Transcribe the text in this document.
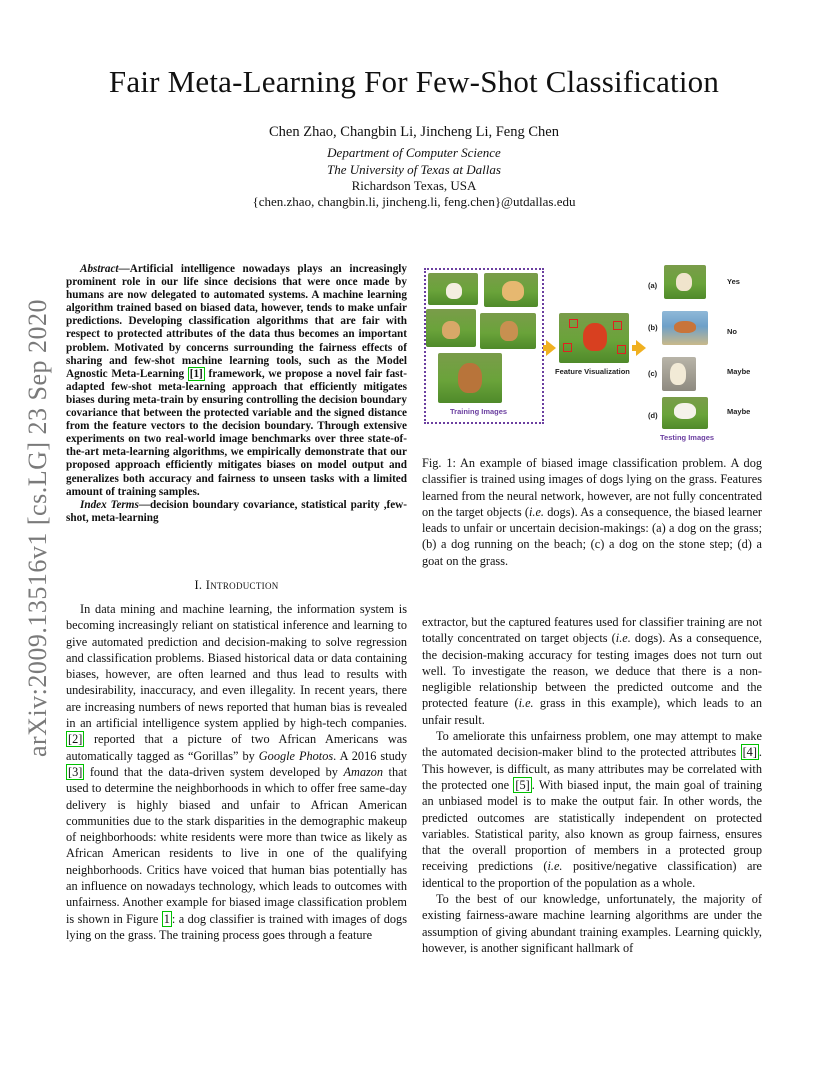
Fair Meta-Learning For Few-Shot Classification
Chen Zhao, Changbin Li, Jincheng Li, Feng Chen
Department of Computer Science
The University of Texas at Dallas
Richardson Texas, USA
{chen.zhao, changbin.li, jincheng.li, feng.chen}@utdallas.edu
arXiv:2009.13516v1 [cs.LG] 23 Sep 2020

Abstract—Artificial intelligence nowadays plays an increasingly prominent role in our life since decisions that were once made by humans are now delegated to automated systems. A machine learning algorithm trained based on biased data, however, tends to make unfair predictions. Developing classification algorithms that are fair with respect to protected attributes of the data thus becomes an important problem. Motivated by concerns surrounding the fairness effects of sharing and few-shot machine learning tools, such as the Model Agnostic Meta-Learning [1] framework, we propose a novel fair fast-adapted few-shot meta-learning approach that efficiently mitigates biases during meta-train by ensuring controlling the decision boundary covariance that between the protected variable and the signed distance from the feature vectors to the decision boundary. Through extensive experiments on two real-world image benchmarks over three state-of-the-art meta-learning algorithms, we empirically demonstrate that our proposed approach efficiently mitigates biases on model output and generalizes both accuracy and fairness to unseen tasks with a limited amount of training samples.

Index Terms—decision boundary covariance, statistical parity ,few-shot, meta-learning

I. Introduction

In data mining and machine learning, the information system is becoming increasingly reliant on statistical inference and learning to give automated prediction and decision-making to solve regression and classification problems. Biased historical data or data containing biases, however, are often learned and thus lead to results with undesirability, inaccuracy, and even illegality. In recent years, there are increasing numbers of news reported that human bias is revealed in an artificial intelligence system applied by high-tech companies. [2] reported that a picture of two African Americans was automatically tagged as “Gorillas” by Google Photos. A 2016 study [3] found that the data-driven system developed by Amazon that used to determine the neighborhoods in which to offer free same-day delivery is highly biased and unfair to African American communities due to the stark disparities in the demographic makeup of neighborhoods: white residents were more than twice as likely as African American residents to live in one of the qualifying neighborhoods. Critics have voiced that human bias potentially has an influence on nowadays technology, which leads to outcomes with unfairness. Another example for biased image classification problem is shown in Figure 1 : a dog classifier is trained with images of dogs lying on the grass. The training process goes through a feature

Training Images
Feature Visualization
(a)	Yes
(b)	No
(c)	Maybe
(d)	Maybe
Testing Images
Fig. 1: An example of biased image classification problem. A dog classifier is trained using images of dogs lying on the grass. Features learned from the neural network, however, are not fully concentrated on the target objects (i.e. dogs). As a consequence, the biased learner leads to unfair or uncertain decision-makings: (a) a dog on the grass; (b) a dog running on the beach; (c) a dog on the stone step; (d) a goat on the grass.

extractor, but the captured features used for classifier training are not totally concentrated on target objects (i.e. dogs). As a consequence, the decision-making accuracy for testing images does not turn out well. To investigate the reason, we deduce that there is a non-negligible relationship between the predicted outcome and the protected feature (i.e. grass in this example), which leads to an unfair result.

To ameliorate this unfairness problem, one may attempt to make the automated decision-maker blind to the protected attributes [4] . This however, is difficult, as many attributes may be correlated with the protected one [5] . With biased input, the main goal of training an unbiased model is to make the output fair. In other words, the predicted outcomes are statistically independent on protected variables. Statistical parity, also known as group fairness, ensures that the overall proportion of members in a protected group receiving predictions (i.e. positive/negative classification) are identical to the proportion of the population as a whole.

To the best of our knowledge, unfortunately, the majority of existing fairness-aware machine learning algorithms are under the assumption of giving abundant training examples. Learning quickly, however, is another significant hallmark of
